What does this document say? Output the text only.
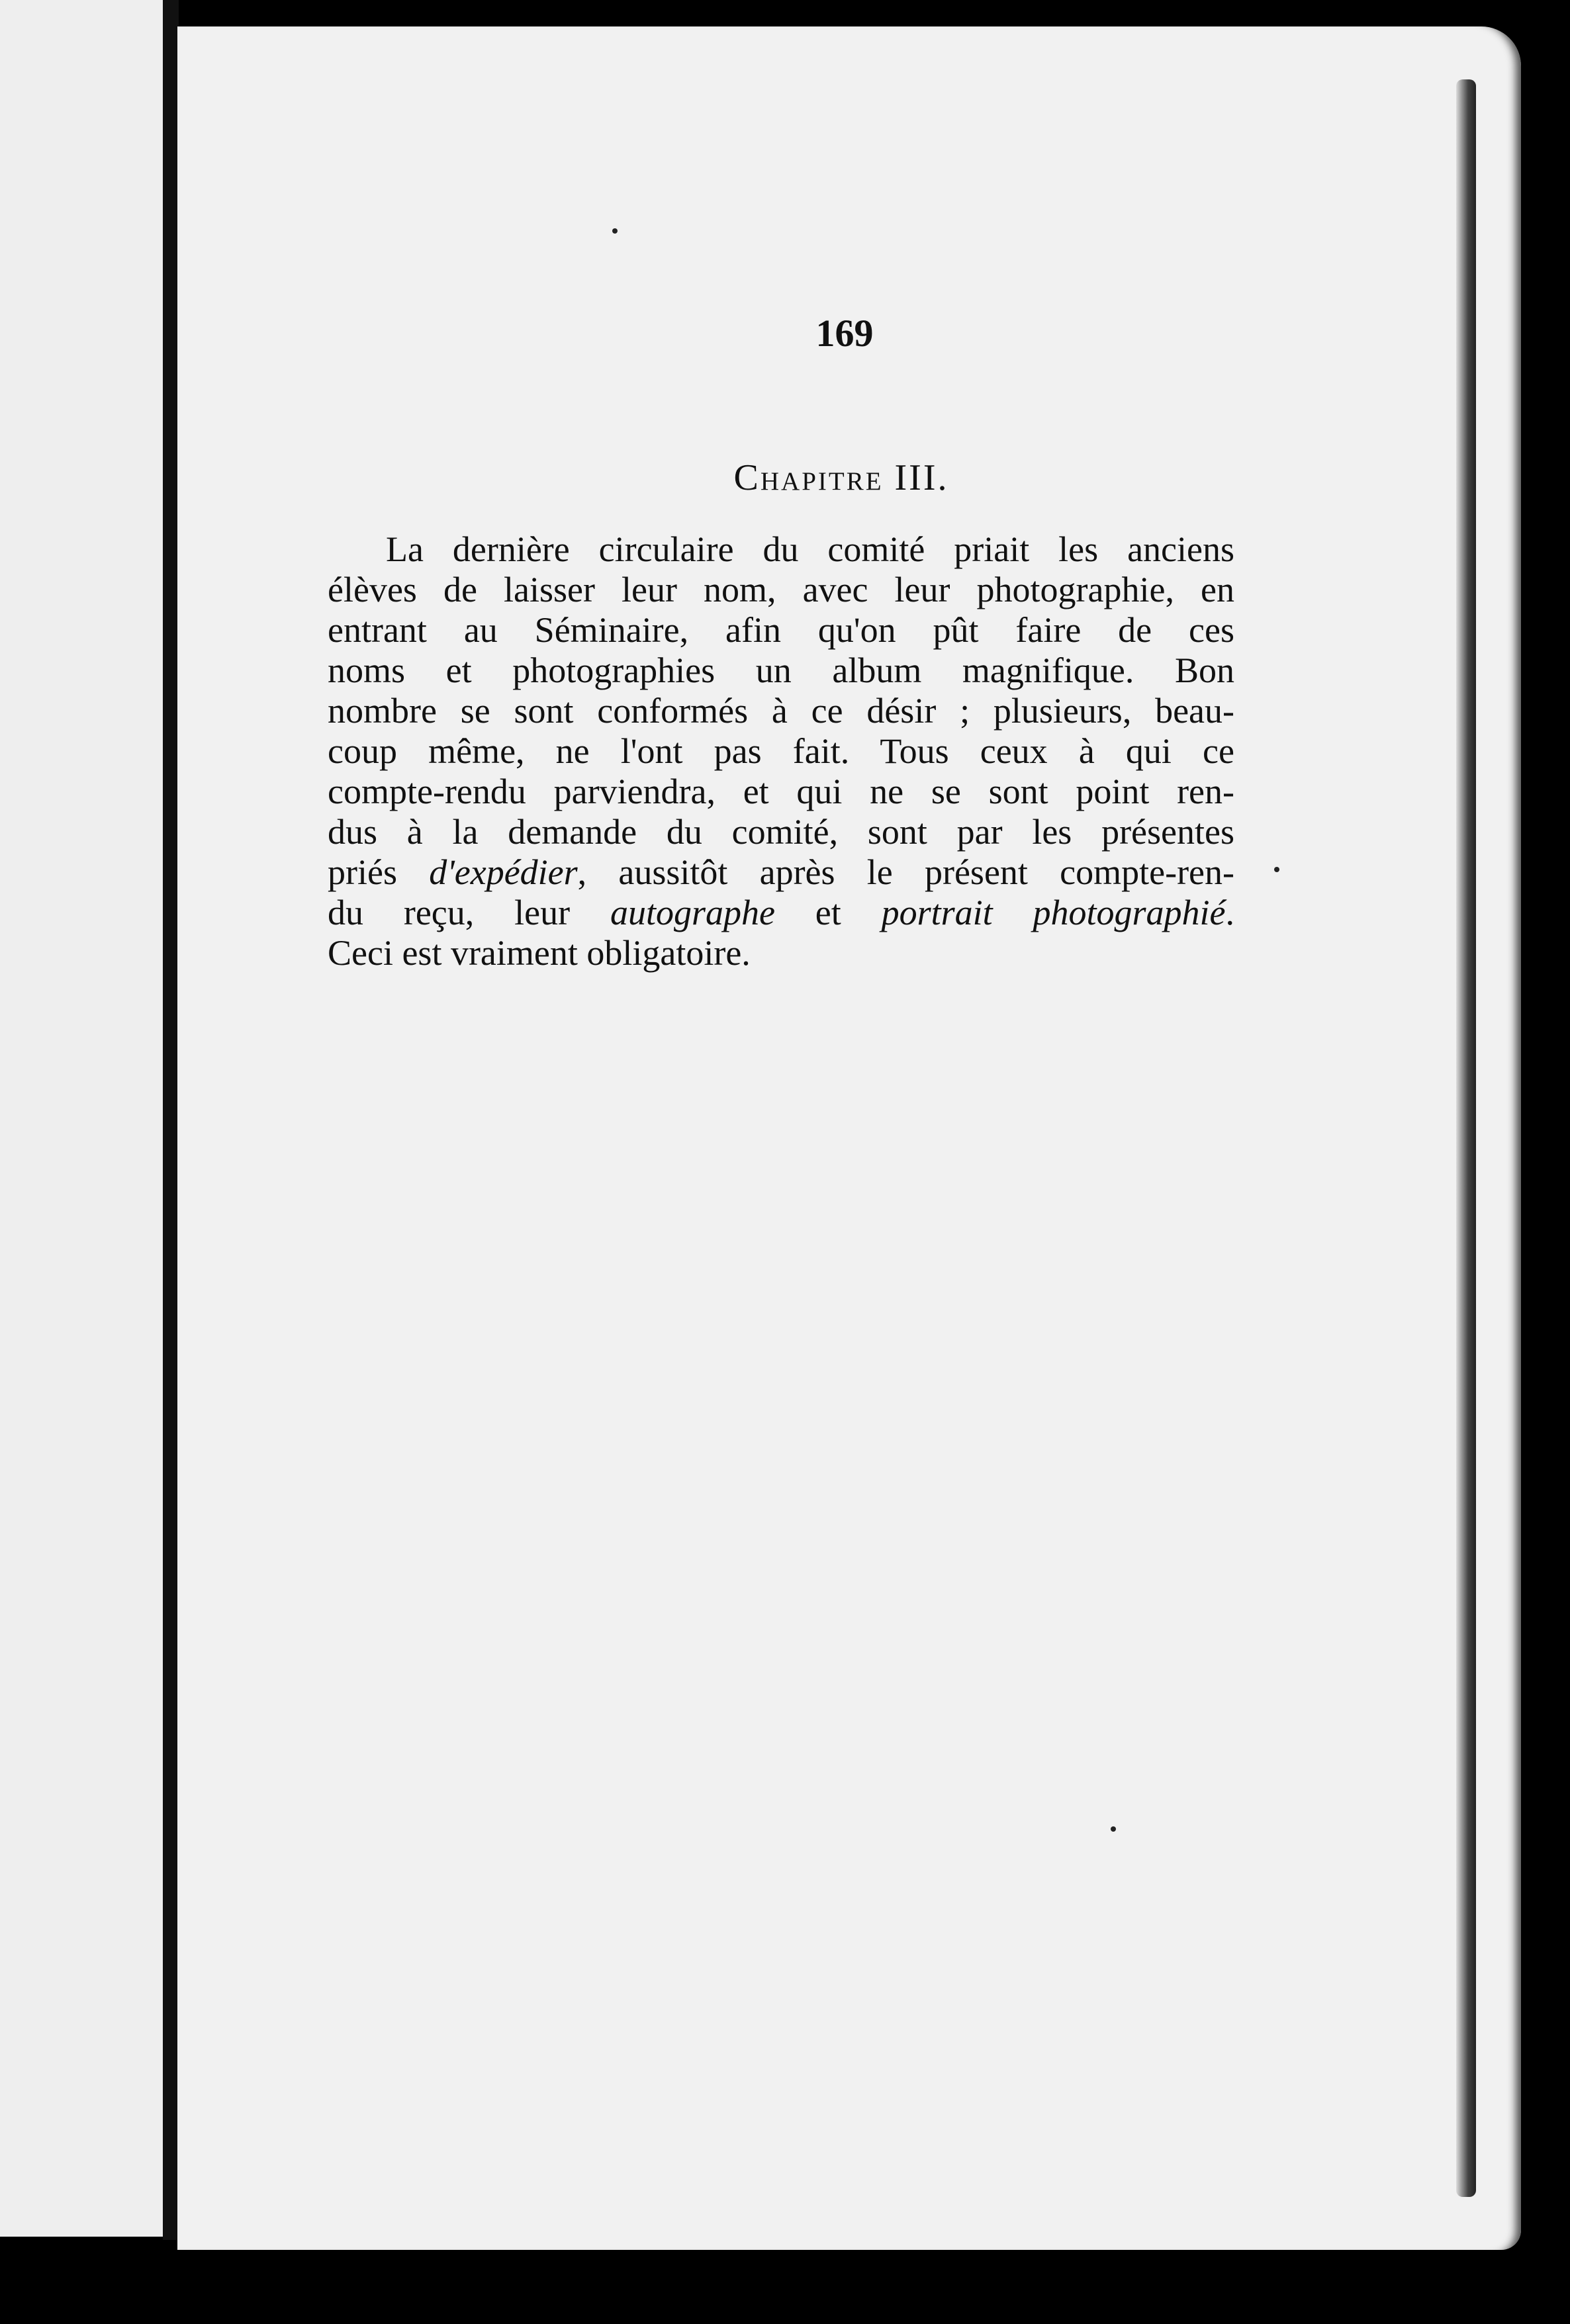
169
Chapitre III.

La dernière circulaire du comité priait les anciens
élèves de laisser leur nom, avec leur photographie, en
entrant au Séminaire, afin qu'on pût faire de ces
noms et photographies un album magnifique. Bon
nombre se sont conformés à ce désir ; plusieurs, beau-
coup même, ne l'ont pas fait. Tous ceux à qui ce
compte-rendu parviendra, et qui ne se sont point ren-
dus à la demande du comité, sont par les présentes
priés d'expédier, aussitôt après le présent compte-ren-
du reçu, leur autographe et portrait photographié.
Ceci est vraiment obligatoire.
